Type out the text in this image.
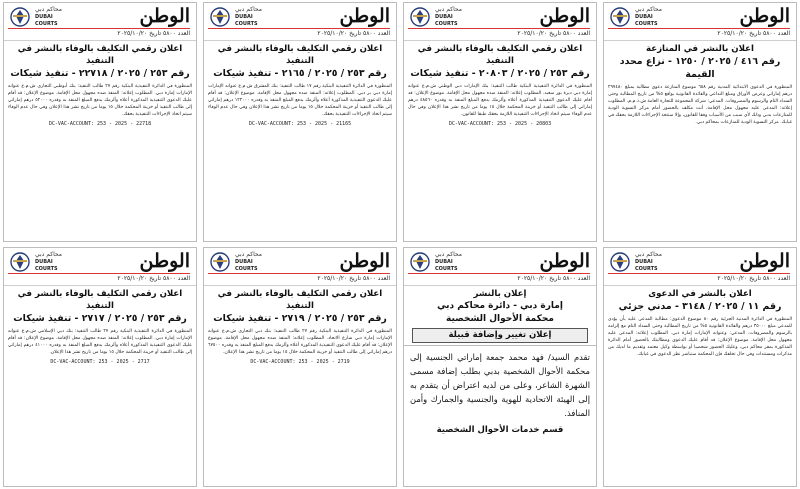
محاكم دبي
DUBAI COURTS	الوطن
العدد ٥٨٠٠ تاريخ ٢٠٢٥/١٠/٢٠
اعلان بالنشر في المنازعة
رقم ٤١٦ / ٢٠٢٥ / ١٢٥٠ - نزاع محدد القيمة
المنظورة في الدعوى الابتدائية المدنية رقم ٦٥٨ موضوع المنازعة دعوى مطالبة بمبلغ ٢٩٧٤٨٠ درهم إماراتي وعرض الأوراق ومبلغ التداعي والفائدة القانونية بواقع ٥% من تاريخ المطالبة وحتى السداد التام والرسوم والمصروفات. المدعي: شركة المجموعة للتجارة العامة ش.ذ.م.م. المطلوب إعلانه: المدعى عليه مجهول محل الإقامة، أنت مكلف بالحضور أمام مركز التسوية الودية للمنازعات بدبي وذلك لأي سبب من الأسباب وفقا للقانون، وإلا ستتخذ الإجراءات اللازمة بحقك في غيابك. مركز التسوية الودية للمنازعات بمحاكم دبي.
محاكم دبي
DUBAI COURTS	الوطن
العدد ٥٨٠٠ تاريخ ٢٠٢٥/١٠/٢٠
اعلان رقمي التكليف بالوفاء بالنشر في التنفيذ
رقم ٢٥٣ / ٢٠٢٥ / ٢٠٨٠٣ - تنفيذ شيكات
المنظورة في الدائرة التنفيذية البنكية طالب التنفيذ: بنك الإمارات دبي الوطني ش.م.ع عنوانه إمارة دبي ديرة بور سعيد. المطلوب إعلانه: المنفذ ضده مجهول محل الإقامة. موضوع الإعلان: قد أقام عليك الدعوى التنفيذية المذكورة أعلاه وألزمك بدفع المبلغ المنفذ به وقدره ٤٨٥٦٠ درهم إماراتي إلى طالب التنفيذ أو خزينة المحكمة خلال ١٥ يوما من تاريخ نشر هذا الإعلان وفي حال عدم الوفاء سيتم اتخاذ الإجراءات التنفيذية اللازمة بحقك طبقا للقانون.
DC-VAC-ACCOUNT: 253 - 2025 - 20803
محاكم دبي
DUBAI COURTS	الوطن
العدد ٥٨٠٠ تاريخ ٢٠٢٥/١٠/٢٠
اعلان رقمي التكليف بالوفاء بالنشر في التنفيذ
رقم ٢٥٣ / ٢٠٢٥ / ٢١٦٥ - تنفيذ شيكات
المنظورة في الدائرة التنفيذية البنكية رقم ١٧ طالب التنفيذ: بنك المشرق ش.م.ع عنوانه الإمارات إمارة دبي بر دبي. المطلوب إعلانه: المنفذ ضده مجهول محل الإقامة. موضوع الإعلان: قد أقام عليك الدعوى التنفيذية المذكورة أعلاه وألزمك بدفع المبلغ المنفذ به وقدره ١٢٢٠٠٠ درهم إماراتي إلى طالب التنفيذ أو خزينة المحكمة خلال ١٥ يوما من تاريخ نشر هذا الإعلان وفي حال عدم الوفاء سيتم اتخاذ الإجراءات التنفيذية بحقك.
DC-VAC-ACCOUNT: 253 - 2025 - 21165
محاكم دبي
DUBAI COURTS	الوطن
العدد ٥٨٠٠ تاريخ ٢٠٢٥/١٠/٢٠
اعلان رقمي التكليف بالوفاء بالنشر في التنفيذ
رقم ٢٥٣ / ٢٠٢٥ / ٢٢٧١٨ - تنفيذ شيكات
المنظورة في الدائرة التنفيذية البنكية رقم ٢٧ طالب التنفيذ: بنك أبوظبي التجاري ش.م.ع عنوانه الإمارات إمارة دبي. المطلوب إعلانه: المنفذ ضده مجهول محل الإقامة. موضوع الإعلان: قد أقام عليك الدعوى التنفيذية المذكورة أعلاه وألزمك بدفع المبلغ المنفذ به وقدره ٥٢٠٠٠ درهم إماراتي إلى طالب التنفيذ أو خزينة المحكمة خلال ١٥ يوما من تاريخ نشر هذا الإعلان وفي حال عدم الوفاء سيتم اتخاذ الإجراءات التنفيذية بحقك.
DC-VAC-ACCOUNT: 253 - 2025 - 22718
محاكم دبي
DUBAI COURTS	الوطن
العدد ٥٨٠٠ تاريخ ٢٠٢٥/١٠/٢٠
اعلان بالنشر في الدعوى
رقم ١١ / ٢٠٢٥ / ٣١٤٨ - مدني جزئي
المنظورة في الدائرة المدنية الجزئية رقم ٨٠ موضوع الدعوى: مطالبة المدعى عليه بأن يؤدي للمدعي مبلغ ٣٥٠٠٠ درهم والفائدة القانونية ٥% من تاريخ المطالبة وحتى السداد التام مع إلزامه بالرسوم والمصروفات. المدعي: وعنوانه الإمارات إمارة دبي. المطلوب إعلانه: المدعى عليه مجهول محل الإقامة. موضوع الإعلان: قد أقام عليك الدعوى ومطالبتك بالحضور أمام الدائرة المذكورة بمقر محاكم دبي، وعليك الحضور شخصيا أو بواسطة وكيل معتمد وتقديم ما لديك من مذكرات ومستندات وفي حال تخلفك فإن المحكمة ستباشر نظر الدعوى في غيابك.
محاكم دبي
DUBAI COURTS	الوطن
العدد ٥٨٠٠ تاريخ ٢٠٢٥/١٠/٢٠
إعلان بالنشر
إمارة دبي - دائرة محاكم دبي
محكمة الأحوال الشخصية
إعلان تغيير وإضافة قبيلة
تقدم السيد/ فهد محمد جمعة إماراتي الجنسية إلى محكمة الأحوال الشخصية بدبي بطلب إضافة مسمى الشهرة الشاعر، وعلى من لديه اعتراض أن يتقدم به إلى الهيئة الاتحادية للهوية والجنسية والجمارك وأمن المنافذ.
قسم خدمات الأحوال الشخصية
محاكم دبي
DUBAI COURTS	الوطن
العدد ٥٨٠٠ تاريخ ٢٠٢٥/١٠/٢٠
اعلان رقمي التكليف بالوفاء بالنشر في التنفيذ
رقم ٢٥٣ / ٢٠٢٥ / ٢٧١٩ - تنفيذ شيكات
المنظورة في الدائرة التنفيذية البنكية رقم ٢٧ طالب التنفيذ: بنك دبي التجاري ش.م.ع عنوانه الإمارات إمارة دبي شارع الاتحاد. المطلوب إعلانه: المنفذ ضده مجهول محل الإقامة. موضوع الإعلان: قد أقام عليك الدعوى التنفيذية المذكورة أعلاه وألزمك بدفع المبلغ المنفذ به وقدره ٦٧٥٠٠ درهم إماراتي إلى طالب التنفيذ أو خزينة المحكمة خلال ١٥ يوما من تاريخ نشر هذا الإعلان.
DC-VAC-ACCOUNT: 253 - 2025 - 2719
محاكم دبي
DUBAI COURTS	الوطن
العدد ٥٨٠٠ تاريخ ٢٠٢٥/١٠/٢٠
اعلان رقمي التكليف بالوفاء بالنشر في التنفيذ
رقم ٢٥٣ / ٢٠٢٥ / ٢٧١٧ - تنفيذ شيكات
المنظورة في الدائرة التنفيذية البنكية رقم ٢٧ طالب التنفيذ: بنك دبي الإسلامي ش.م.ع عنوانه الإمارات إمارة دبي. المطلوب إعلانه: المنفذ ضده مجهول محل الإقامة. موضوع الإعلان: قد أقام عليك الدعوى التنفيذية المذكورة أعلاه وألزمك بدفع المبلغ المنفذ به وقدره ٤١٠٠٠ درهم إماراتي إلى طالب التنفيذ أو خزينة المحكمة خلال ١٥ يوما من تاريخ نشر هذا الإعلان.
DC-VAC-ACCOUNT: 253 - 2025 - 2717
